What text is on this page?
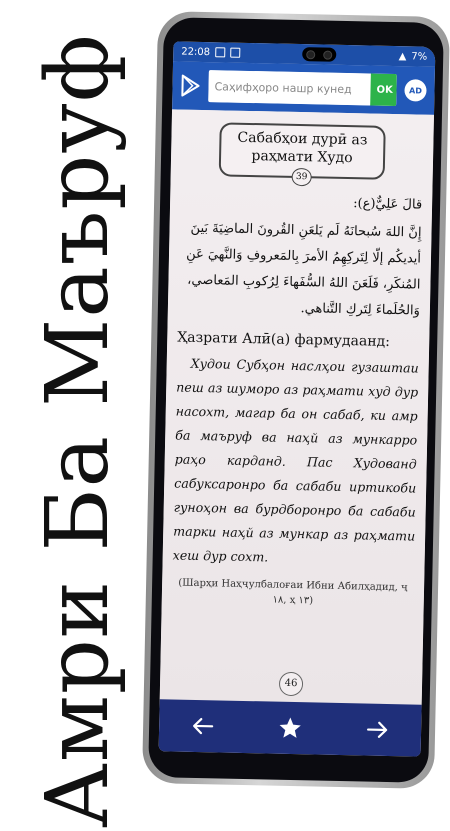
Амри Ба Маъруф	22:08	▲ 7%
Саҳифҳоро нашр кунед
OK	AD
Сабабҳои дурӣ аз раҳмати Худо
39
قالَ عَلِيٌّ(ع):
إِنَّ اللهَ سُبحانَهُ لَم يَلعَنِ القُرونَ الماضِيَةَ بَينَ أيديكُم إلّا لِتَركِهِمُ الأمرَ بِالمَعروفِ وَالنَّهيَ عَنِ المُنكَرِ، فَلَعَنَ اللهُ السُّفَهاءَ لِرُكوبِ المَعاصي، وَالحُلَماءَ لِتَركِ التَّناهي.
Ҳазрати Алӣ(а) фармудаанд:
Худои Субҳон наслҳои гузаштаи пеш аз шуморо аз раҳмати худ дур насохт, магар ба он сабаб, ки амр ба маъруф ва наҳй аз мункарро раҳо карданд. Пас Худованд сабуксаронро ба сабаби иртикоби гуноҳон ва бурдборонро ба сабаби тарки наҳй аз мункар аз раҳмати хеш дур сохт.
(Шарҳи Наҳҷулбалоғаи Ибни Абилҳадид, ҷ ۱۸, ҳ ۱۳)
46
